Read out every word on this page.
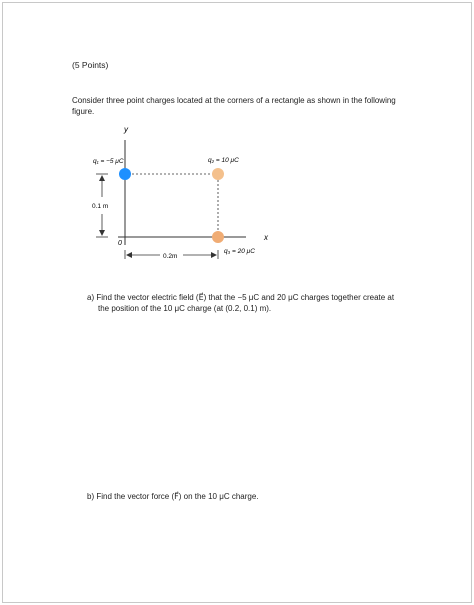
(5 Points)
Consider three point charges located at the corners of a rectangle as shown in the following
figure.
y
x
0
q₁ = −5 μC	q₂ = 10 μC
q₃ = 20 μC
0.1 m
0.2m
a) Find the vector electric field (E⃗) that the −5 μC and 20 μC charges together create at
the position of the 10 μC charge (at (0.2, 0.1) m).
b) Find the vector force (F⃗) on the 10 μC charge.
